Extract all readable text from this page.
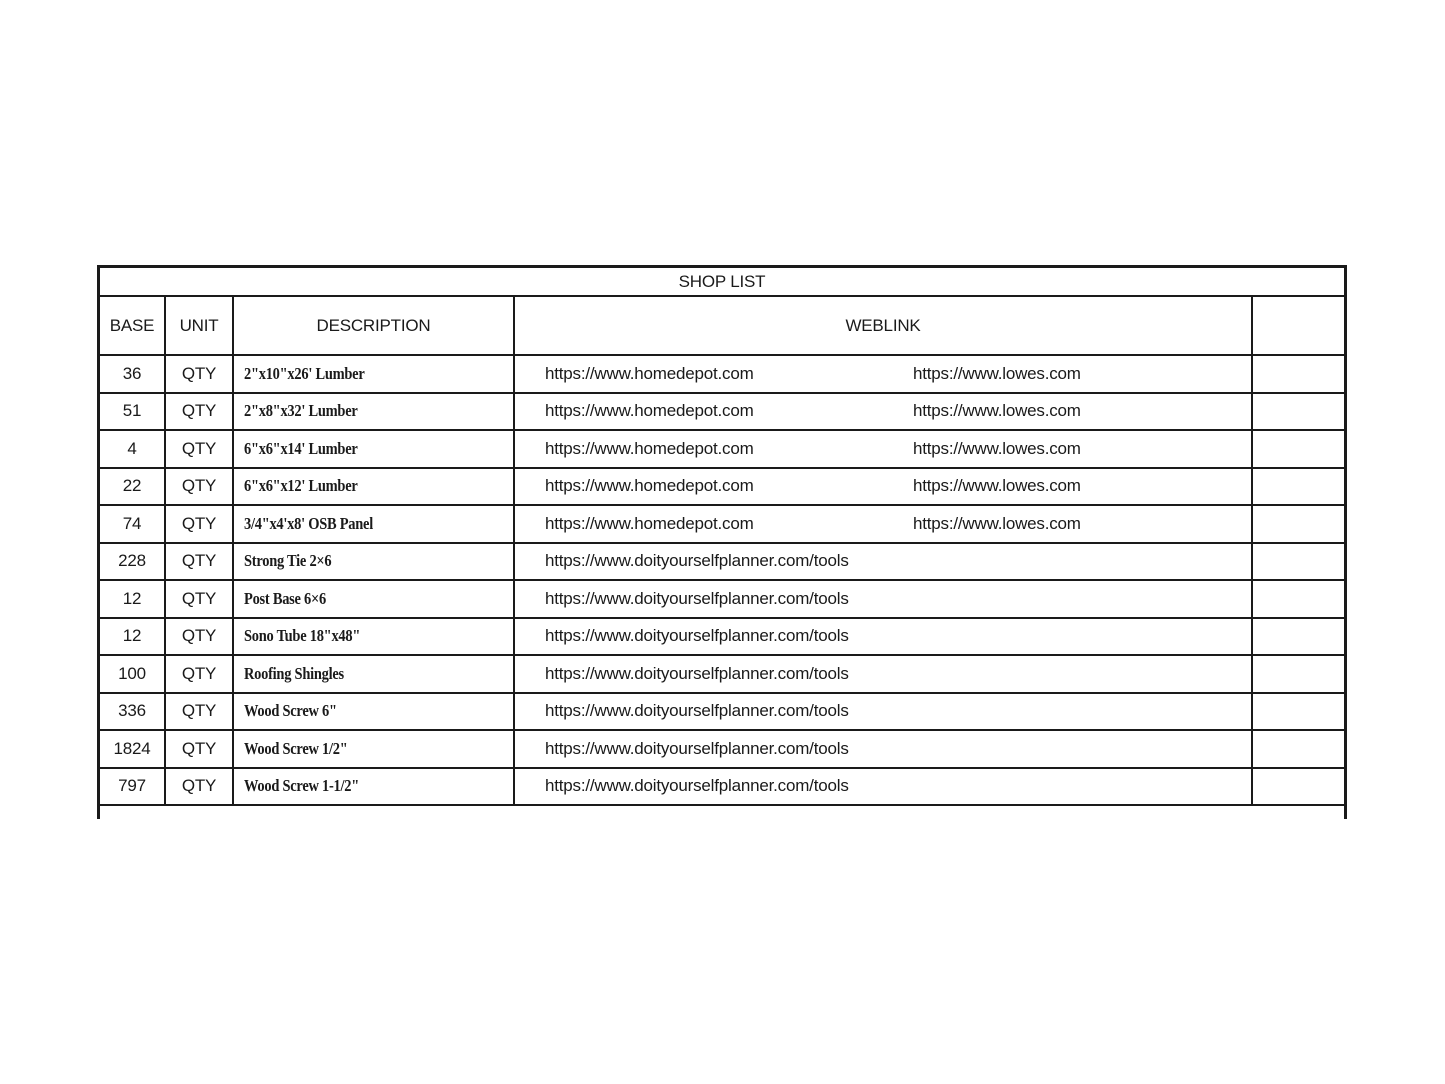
SHOP LIST
BASE	UNIT	DESCRIPTION	WEBLINK
36	QTY	2"x10"x26' Lumber	https://www.homedepot.com	https://www.lowes.com
51	QTY	2"x8"x32' Lumber	https://www.homedepot.com	https://www.lowes.com
4	QTY	6"x6"x14' Lumber	https://www.homedepot.com	https://www.lowes.com
22	QTY	6"x6"x12' Lumber	https://www.homedepot.com	https://www.lowes.com
74	QTY	3/4"x4'x8' OSB Panel	https://www.homedepot.com	https://www.lowes.com
228	QTY	Strong Tie 2×6	https://www.doityourselfplanner.com/tools
12	QTY	Post Base 6×6	https://www.doityourselfplanner.com/tools
12	QTY	Sono Tube 18"x48"	https://www.doityourselfplanner.com/tools
100	QTY	Roofing Shingles	https://www.doityourselfplanner.com/tools
336	QTY	Wood Screw 6"	https://www.doityourselfplanner.com/tools
1824	QTY	Wood Screw 1/2"	https://www.doityourselfplanner.com/tools
797	QTY	Wood Screw 1-1/2"	https://www.doityourselfplanner.com/tools
